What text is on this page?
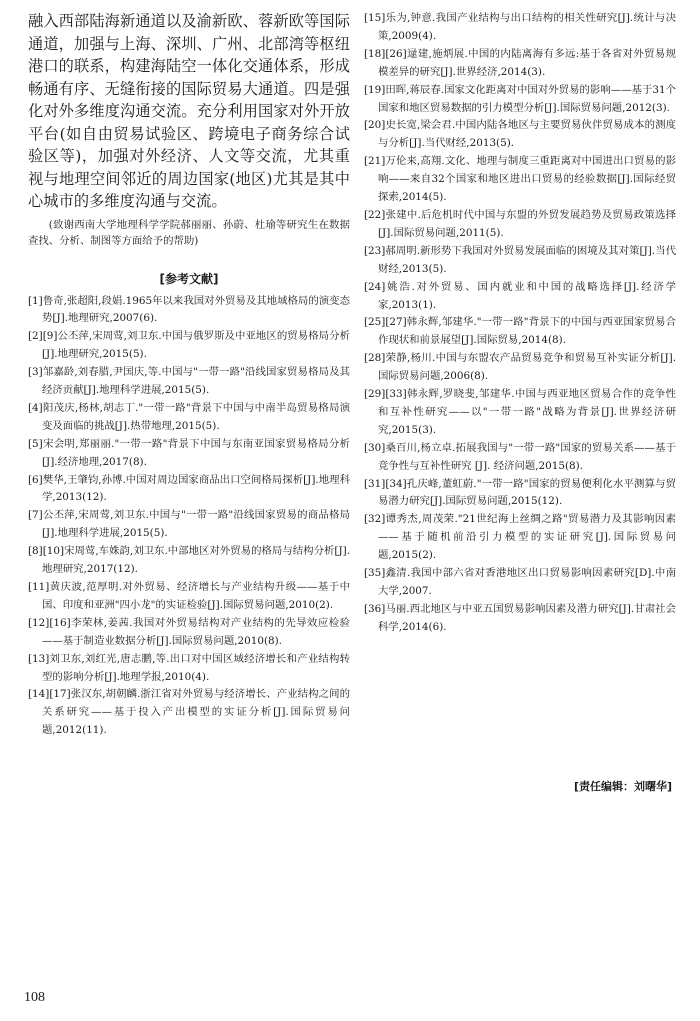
融入西部陆海新通道以及渝新欧、蓉新欧等国际通道，加强与上海、深圳、广州、北部湾等枢纽港口的联系，构建海陆空一体化交通体系，形成畅通有序、无缝衔接的国际贸易大通道。四是强化对外多维度沟通交流。充分利用国家对外开放平台(如自由贸易试验区、跨境电子商务综合试验区等)，加强对外经济、人文等交流，尤其重视与地理空间邻近的周边国家(地区)尤其是其中心城市的多维度沟通与交流。

(致谢西南大学地理科学学院郝丽丽、孙蔚、杜瑜等研究生在数据查找、分析、制图等方面给予的帮助)

[参考文献]
[1]鲁奇,张超阳,段娟.1965年以来我国对外贸易及其地域格局的演变态势[J].地理研究,2007(6).
[2][9]公丕萍,宋周莺,刘卫东.中国与俄罗斯及中亚地区的贸易格局分析[J].地理研究,2015(5).
[3]邹嘉龄,刘春腊,尹国庆,等.中国与"一带一路"沿线国家贸易格局及其经济贡献[J].地理科学进展,2015(5).
[4]阳茂庆,杨林,胡志丁."一带一路"背景下中国与中南半岛贸易格局演变及面临的挑战[J].热带地理,2015(5).
[5]宋会明,郑丽丽."一带一路"背景下中国与东南亚国家贸易格局分析[J].经济地理,2017(8).
[6]樊华,王肇钧,孙博.中国对周边国家商品出口空间格局探析[J].地理科学,2013(12).
[7]公丕萍,宋周莺,刘卫东.中国与"一带一路"沿线国家贸易的商品格局[J].地理科学进展,2015(5).
[8][10]宋周莺,车姝韵,刘卫东.中部地区对外贸易的格局与结构分析[J].地理研究,2017(12).
[11]黄庆波,范厚明.对外贸易、经济增长与产业结构升级——基于中国、印度和亚洲"四小龙"的实证检验[J].国际贸易问题,2010(2).
[12][16]李荣林,姜茜.我国对外贸易结构对产业结构的先导效应检验——基于制造业数据分析[J].国际贸易问题,2010(8).
[13]刘卫东,刘红光,唐志鹏,等.出口对中国区域经济增长和产业结构转型的影响分析[J].地理学报,2010(4).
[14][17]张汉东,胡朝麟.浙江省对外贸易与经济增长、产业结构之间的关系研究——基于投入产出模型的实证分析[J].国际贸易问题,2012(11).
[15]乐为,钟意.我国产业结构与出口结构的相关性研究[J].统计与决策,2009(4).
[18][26]逯建,施炳展.中国的内陆离海有多远:基于各省对外贸易规模差异的研究[J].世界经济,2014(3).
[19]田晖,蒋辰春.国家文化距离对中国对外贸易的影响——基于31个国家和地区贸易数据的引力模型分析[J].国际贸易问题,2012(3).
[20]史长宽,梁会君.中国内陆各地区与主要贸易伙伴贸易成本的测度与分析[J].当代财经,2013(5).
[21]万伦来,高翔.文化、地理与制度三重距离对中国进出口贸易的影响——来自32个国家和地区进出口贸易的经验数据[J].国际经贸探索,2014(5).
[22]张建中.后危机时代中国与东盟的外贸发展趋势及贸易政策选择[J].国际贸易问题,2011(5).
[23]郝周明.新形势下我国对外贸易发展面临的困境及其对策[J].当代财经,2013(5).
[24]姚浩.对外贸易、国内就业和中国的战略选择[J].经济学家,2013(1).
[25][27]韩永辉,邹建华."一带一路"背景下的中国与西亚国家贸易合作现状和前景展望[J].国际贸易,2014(8).
[28]荣静,杨川.中国与东盟农产品贸易竞争和贸易互补实证分析[J].国际贸易问题,2006(8).
[29][33]韩永辉,罗晓斐,邹建华.中国与西亚地区贸易合作的竞争性和互补性研究——以"一带一路"战略为背景[J].世界经济研究,2015(3).
[30]桑百川,杨立卓.拓展我国与"一带一路"国家的贸易关系——基于竞争性与互补性研究 [J]. 经济问题,2015(8).
[31][34]孔庆峰,董虹蔚."一带一路"国家的贸易便利化水平测算与贸易潜力研究[J].国际贸易问题,2015(12).
[32]谭秀杰,周茂荣."21世纪海上丝绸之路"贸易潜力及其影响因素——基于随机前沿引力模型的实证研究[J].国际贸易问题,2015(2).
[35]鑫清.我国中部六省对香港地区出口贸易影响因素研究[D].中南大学,2007.
[36]马丽.西北地区与中亚五国贸易影响因素及潜力研究[J].甘肃社会科学,2014(6).
[责任编辑：刘曙华]
108
